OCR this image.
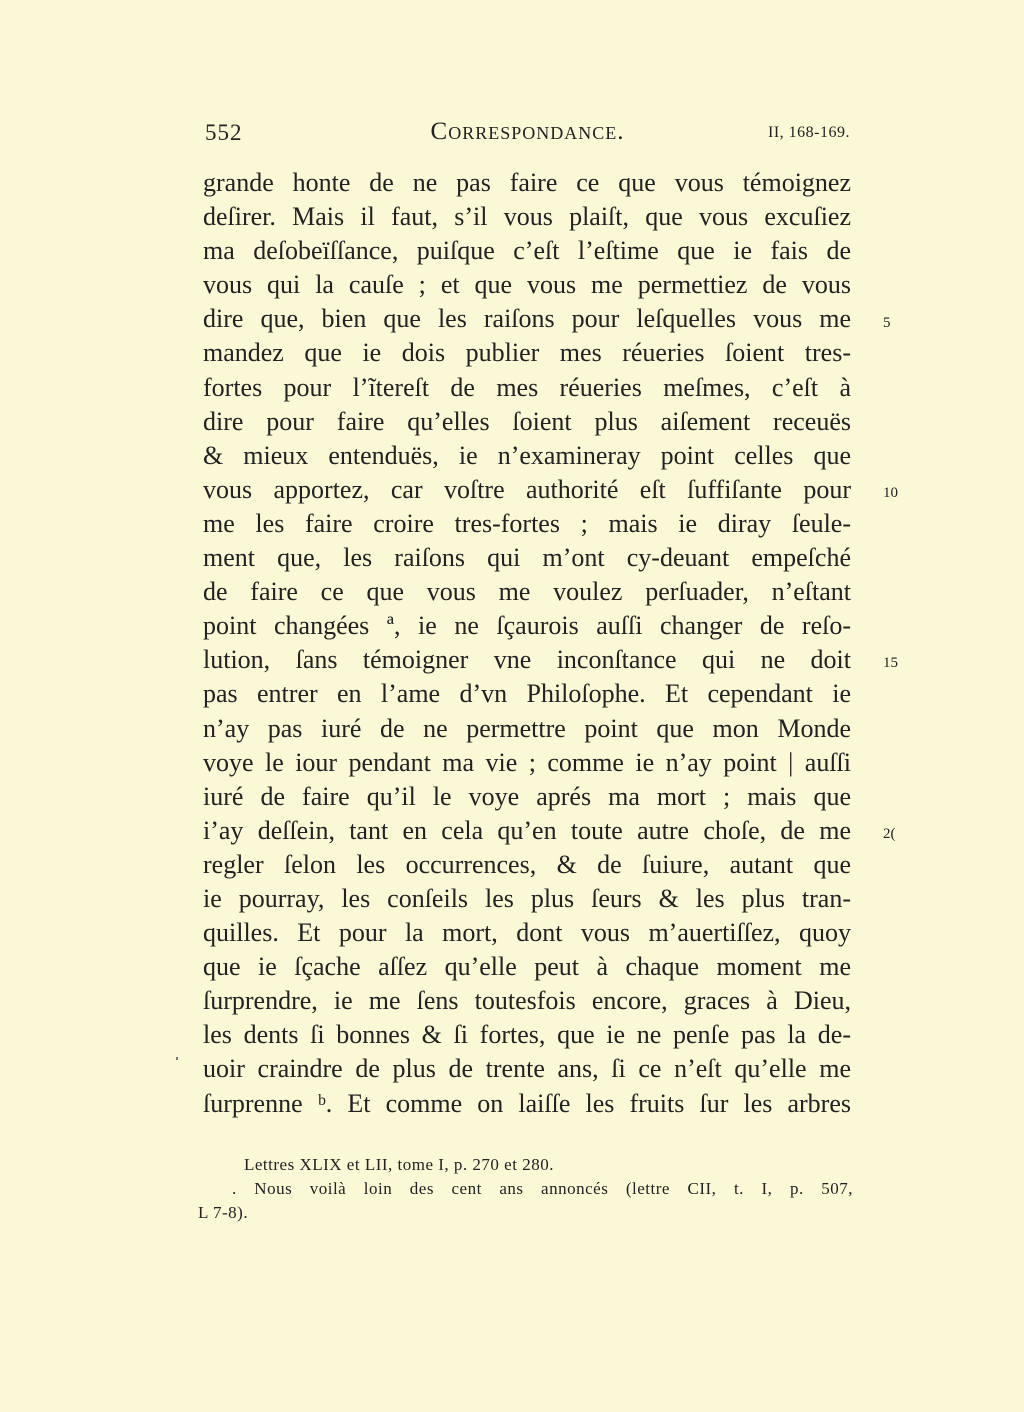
552	Correspondance.	II, 168-169.
grande honte de ne pas faire ce que vous témoignez
deſirer. Mais il faut, s’il vous plaiſt, que vous excuſiez
ma deſobeïſſance, puiſque c’eſt l’eſtime que ie fais de
vous qui la cauſe ; et que vous me permettiez de vous
dire que, bien que les raiſons pour leſquelles vous me
mandez que ie dois publier mes réueries ſoient tres-
fortes pour l’ĩtereſt de mes réueries meſmes, c’eſt à
dire pour faire qu’elles ſoient plus aiſement receuës
& mieux entenduës, ie n’examineray point celles que
vous apportez, car voſtre authorité eſt ſuffiſante pour
me les faire croire tres-fortes ; mais ie diray ſeule-
ment que, les raiſons qui m’ont cy-deuant empeſché
de faire ce que vous me voulez perſuader, n’eſtant
point changées ª, ie ne ſçaurois auſſi changer de reſo-
lution, ſans témoigner vne inconſtance qui ne doit
pas entrer en l’ame d’vn Philoſophe. Et cependant ie
n’ay pas iuré de ne permettre point que mon Monde
voye le iour pendant ma vie ; comme ie n’ay point | auſſi
iuré de faire qu’il le voye aprés ma mort ; mais que
i’ay deſſein, tant en cela qu’en toute autre choſe, de me
regler ſelon les occurrences, & de ſuiure, autant que
ie pourray, les conſeils les plus ſeurs & les plus tran-
quilles. Et pour la mort, dont vous m’auertiſſez, quoy
que ie ſçache aſſez qu’elle peut à chaque moment me
ſurprendre, ie me ſens toutesfois encore, graces à Dieu,
les dents ſi bonnes & ſi fortes, que ie ne penſe pas la de-
uoir craindre de plus de trente ans, ſi ce n’eſt qu’elle me
ſurprenne ᵇ. Et comme on laiſſe les fruits ſur les arbres
5
10
15
2(
Lettres XLIX et LII, tome I, p. 270 et 280.
. Nous voilà loin des cent ans annoncés (lettre CII, t. I, p. 507,
L 7-8).
